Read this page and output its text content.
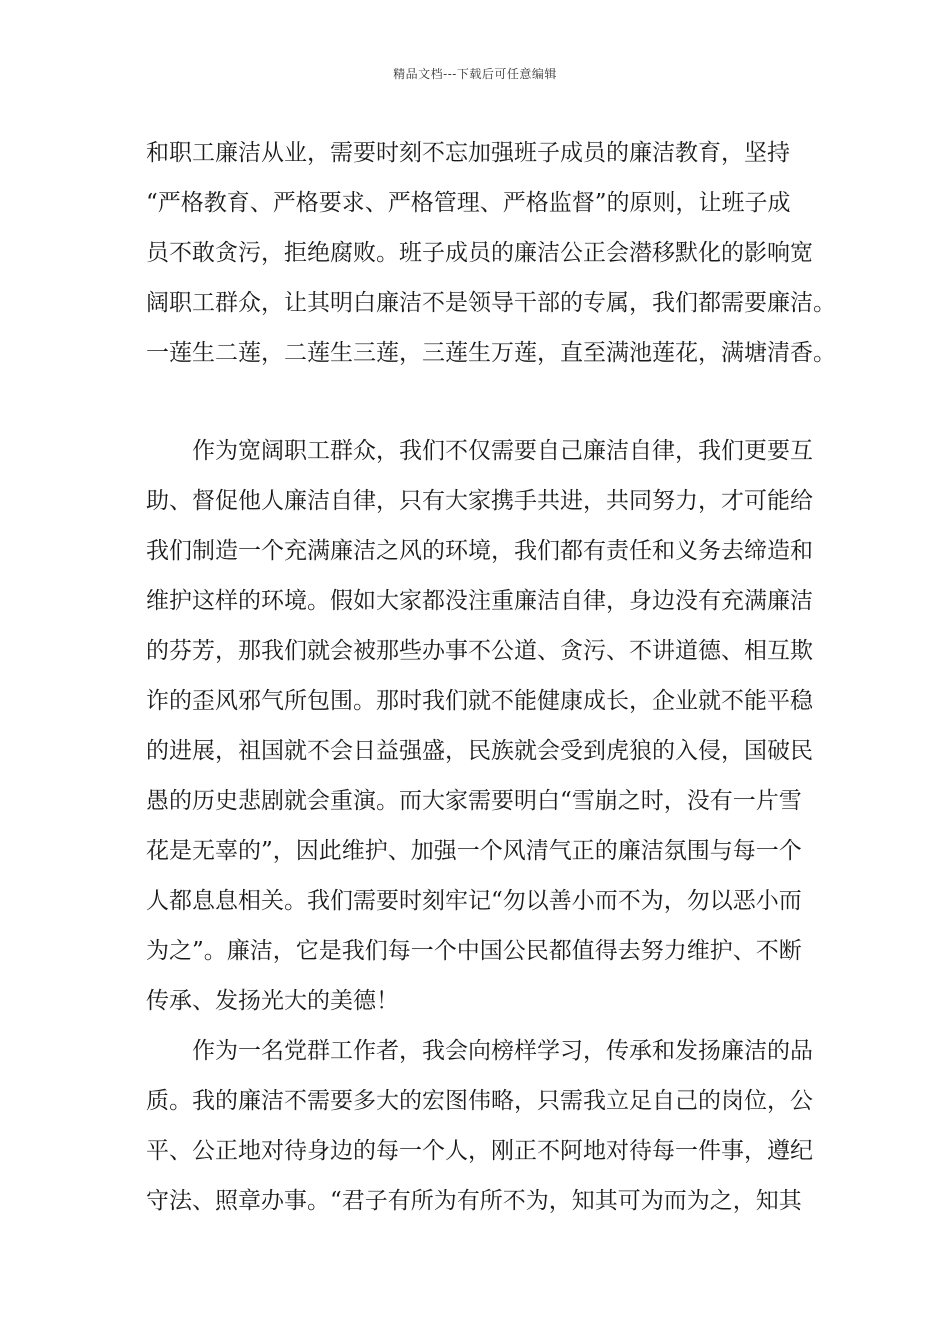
精品文档---下载后可任意编辑
和职工廉洁从业，需要时刻不忘加强班子成员的廉洁教育，坚持
“严格教育、严格要求、严格管理、严格监督”的原则，让班子成
员不敢贪污，拒绝腐败。班子成员的廉洁公正会潜移默化的影响宽
阔职工群众，让其明白廉洁不是领导干部的专属，我们都需要廉洁。
一莲生二莲，二莲生三莲，三莲生万莲，直至满池莲花，满塘清香。
作为宽阔职工群众，我们不仅需要自己廉洁自律，我们更要互
助、督促他人廉洁自律，只有大家携手共进，共同努力，才可能给
我们制造一个充满廉洁之风的环境，我们都有责任和义务去缔造和
维护这样的环境。假如大家都没注重廉洁自律，身边没有充满廉洁
的芬芳，那我们就会被那些办事不公道、贪污、不讲道德、相互欺
诈的歪风邪气所包围。那时我们就不能健康成长，企业就不能平稳
的进展，祖国就不会日益强盛，民族就会受到虎狼的入侵，国破民
愚的历史悲剧就会重演。而大家需要明白“雪崩之时，没有一片雪
花是无辜的”，因此维护、加强一个风清气正的廉洁氛围与每一个
人都息息相关。我们需要时刻牢记“勿以善小而不为，勿以恶小而
为之”。廉洁，它是我们每一个中国公民都值得去努力维护、不断
传承、发扬光大的美德！
作为一名党群工作者，我会向榜样学习，传承和发扬廉洁的品
质。我的廉洁不需要多大的宏图伟略，只需我立足自己的岗位，公
平、公正地对待身边的每一个人，刚正不阿地对待每一件事，遵纪
守法、照章办事。“君子有所为有所不为，知其可为而为之，知其
